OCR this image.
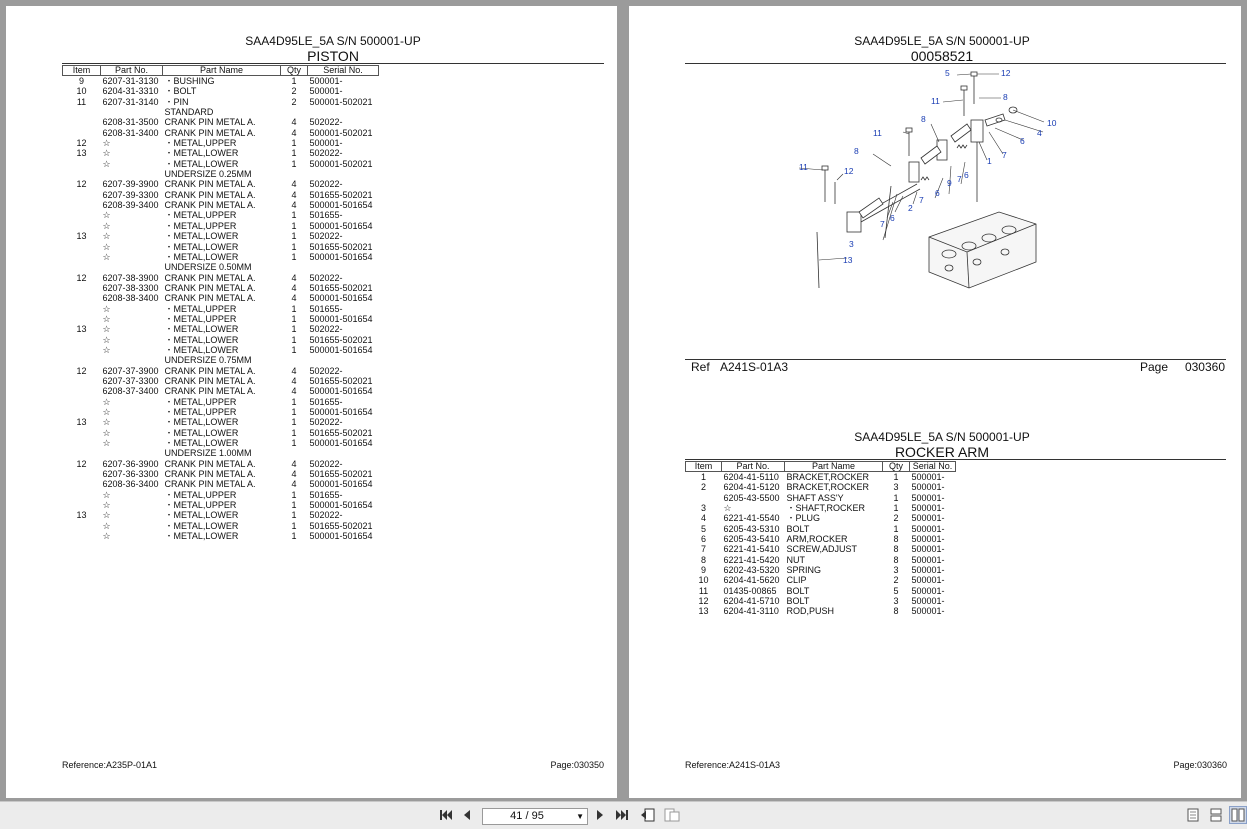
SAA4D95LE_5A S/N 500001-UP
PISTON
Item	Part No.	Part Name	Qty	Serial No.
9	6207-31-3130	・BUSHING	1	500001-
10	6204-31-3310	・BOLT	2	500001-
11	6207-31-3140	・PIN	2	500001-502021
		STANDARD		
	6208-31-3500	CRANK PIN METAL A.	4	502022-
	6208-31-3400	CRANK PIN METAL A.	4	500001-502021
12	☆	・METAL,UPPER	1	500001-
13	☆	・METAL,LOWER	1	502022-
	☆	・METAL,LOWER	1	500001-502021
		UNDERSIZE 0.25MM		
12	6207-39-3900	CRANK PIN METAL A.	4	502022-
	6207-39-3300	CRANK PIN METAL A.	4	501655-502021
	6208-39-3400	CRANK PIN METAL A.	4	500001-501654
	☆	・METAL,UPPER	1	501655-
	☆	・METAL,UPPER	1	500001-501654
13	☆	・METAL,LOWER	1	502022-
	☆	・METAL,LOWER	1	501655-502021
	☆	・METAL,LOWER	1	500001-501654
		UNDERSIZE 0.50MM		
12	6207-38-3900	CRANK PIN METAL A.	4	502022-
	6207-38-3300	CRANK PIN METAL A.	4	501655-502021
	6208-38-3400	CRANK PIN METAL A.	4	500001-501654
	☆	・METAL,UPPER	1	501655-
	☆	・METAL,UPPER	1	500001-501654
13	☆	・METAL,LOWER	1	502022-
	☆	・METAL,LOWER	1	501655-502021
	☆	・METAL,LOWER	1	500001-501654
		UNDERSIZE 0.75MM		
12	6207-37-3900	CRANK PIN METAL A.	4	502022-
	6207-37-3300	CRANK PIN METAL A.	4	501655-502021
	6208-37-3400	CRANK PIN METAL A.	4	500001-501654
	☆	・METAL,UPPER	1	501655-
	☆	・METAL,UPPER	1	500001-501654
13	☆	・METAL,LOWER	1	502022-
	☆	・METAL,LOWER	1	501655-502021
	☆	・METAL,LOWER	1	500001-501654
		UNDERSIZE 1.00MM		
12	6207-36-3900	CRANK PIN METAL A.	4	502022-
	6207-36-3300	CRANK PIN METAL A.	4	501655-502021
	6208-36-3400	CRANK PIN METAL A.	4	500001-501654
	☆	・METAL,UPPER	1	501655-
	☆	・METAL,UPPER	1	500001-501654
13	☆	・METAL,LOWER	1	502022-
	☆	・METAL,LOWER	1	501655-502021
	☆	・METAL,LOWER	1	500001-501654
Reference:A235P-01A1	Page:030350
SAA4D95LE_5A S/N 500001-UP
00058521
5	12
11	8
10
4
6
7
1
8
11
8
11	12
9
6
7
6
7
2
6
7
3
13
Ref A241S-01A3	Page 030360
SAA4D95LE_5A S/N 500001-UP
ROCKER ARM
Item	Part No.	Part Name	Qty	Serial No.
1	6204-41-5110	BRACKET,ROCKER	1	500001-
2	6204-41-5120	BRACKET,ROCKER	3	500001-
	6205-43-5500	SHAFT ASS'Y	1	500001-
3	☆	・SHAFT,ROCKER	1	500001-
4	6221-41-5540	・PLUG	2	500001-
5	6205-43-5310	BOLT	1	500001-
6	6205-43-5410	ARM,ROCKER	8	500001-
7	6221-41-5410	SCREW,ADJUST	8	500001-
8	6221-41-5420	NUT	8	500001-
9	6202-43-5320	SPRING	3	500001-
10	6204-41-5620	CLIP	2	500001-
11	01435-00865	BOLT	5	500001-
12	6204-41-5710	BOLT	3	500001-
13	6204-41-3110	ROD,PUSH	8	500001-
Reference:A241S-01A3	Page:030360
41 / 95	▼
